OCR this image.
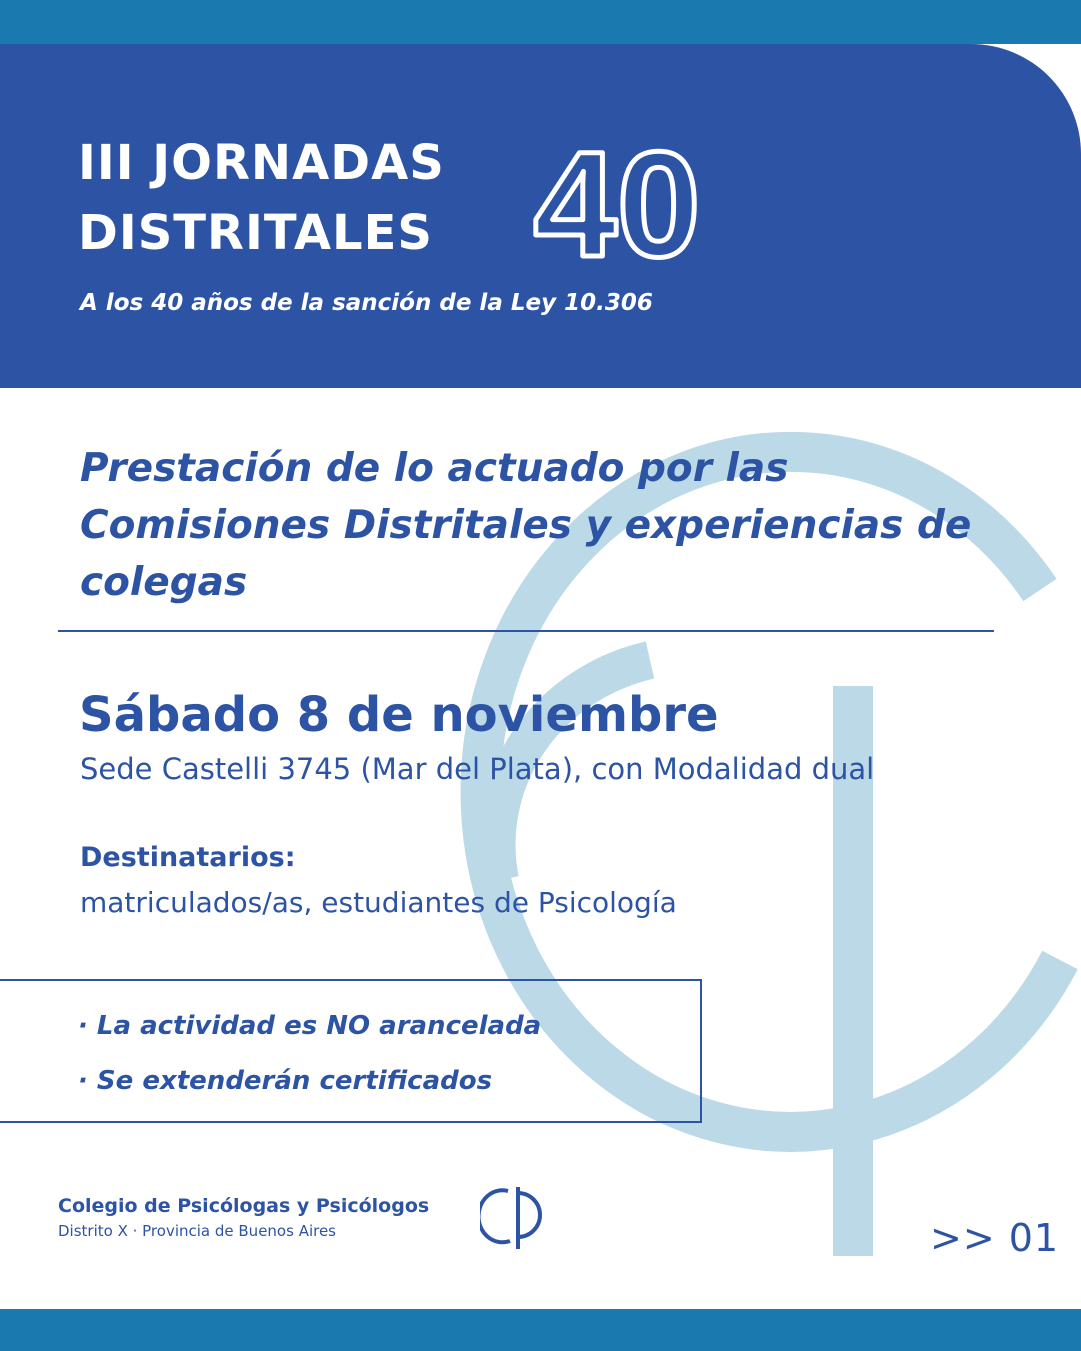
III JORNADAS
DISTRITALES 40
A los 40 años de la sanción de la Ley 10.306
Prestación de lo actuado por las Comisiones Distritales y experiencias de colegas
Sábado 8 de noviembre
Sede Castelli 3745 (Mar del Plata), con Modalidad dual
Destinatarios:
matriculados/as, estudiantes de Psicología
· La actividad es NO arancelada
· Se extenderán certificados
Colegio de Psicólogas y Psicólogos
Distrito X · Provincia de Buenos Aires	>> 01
